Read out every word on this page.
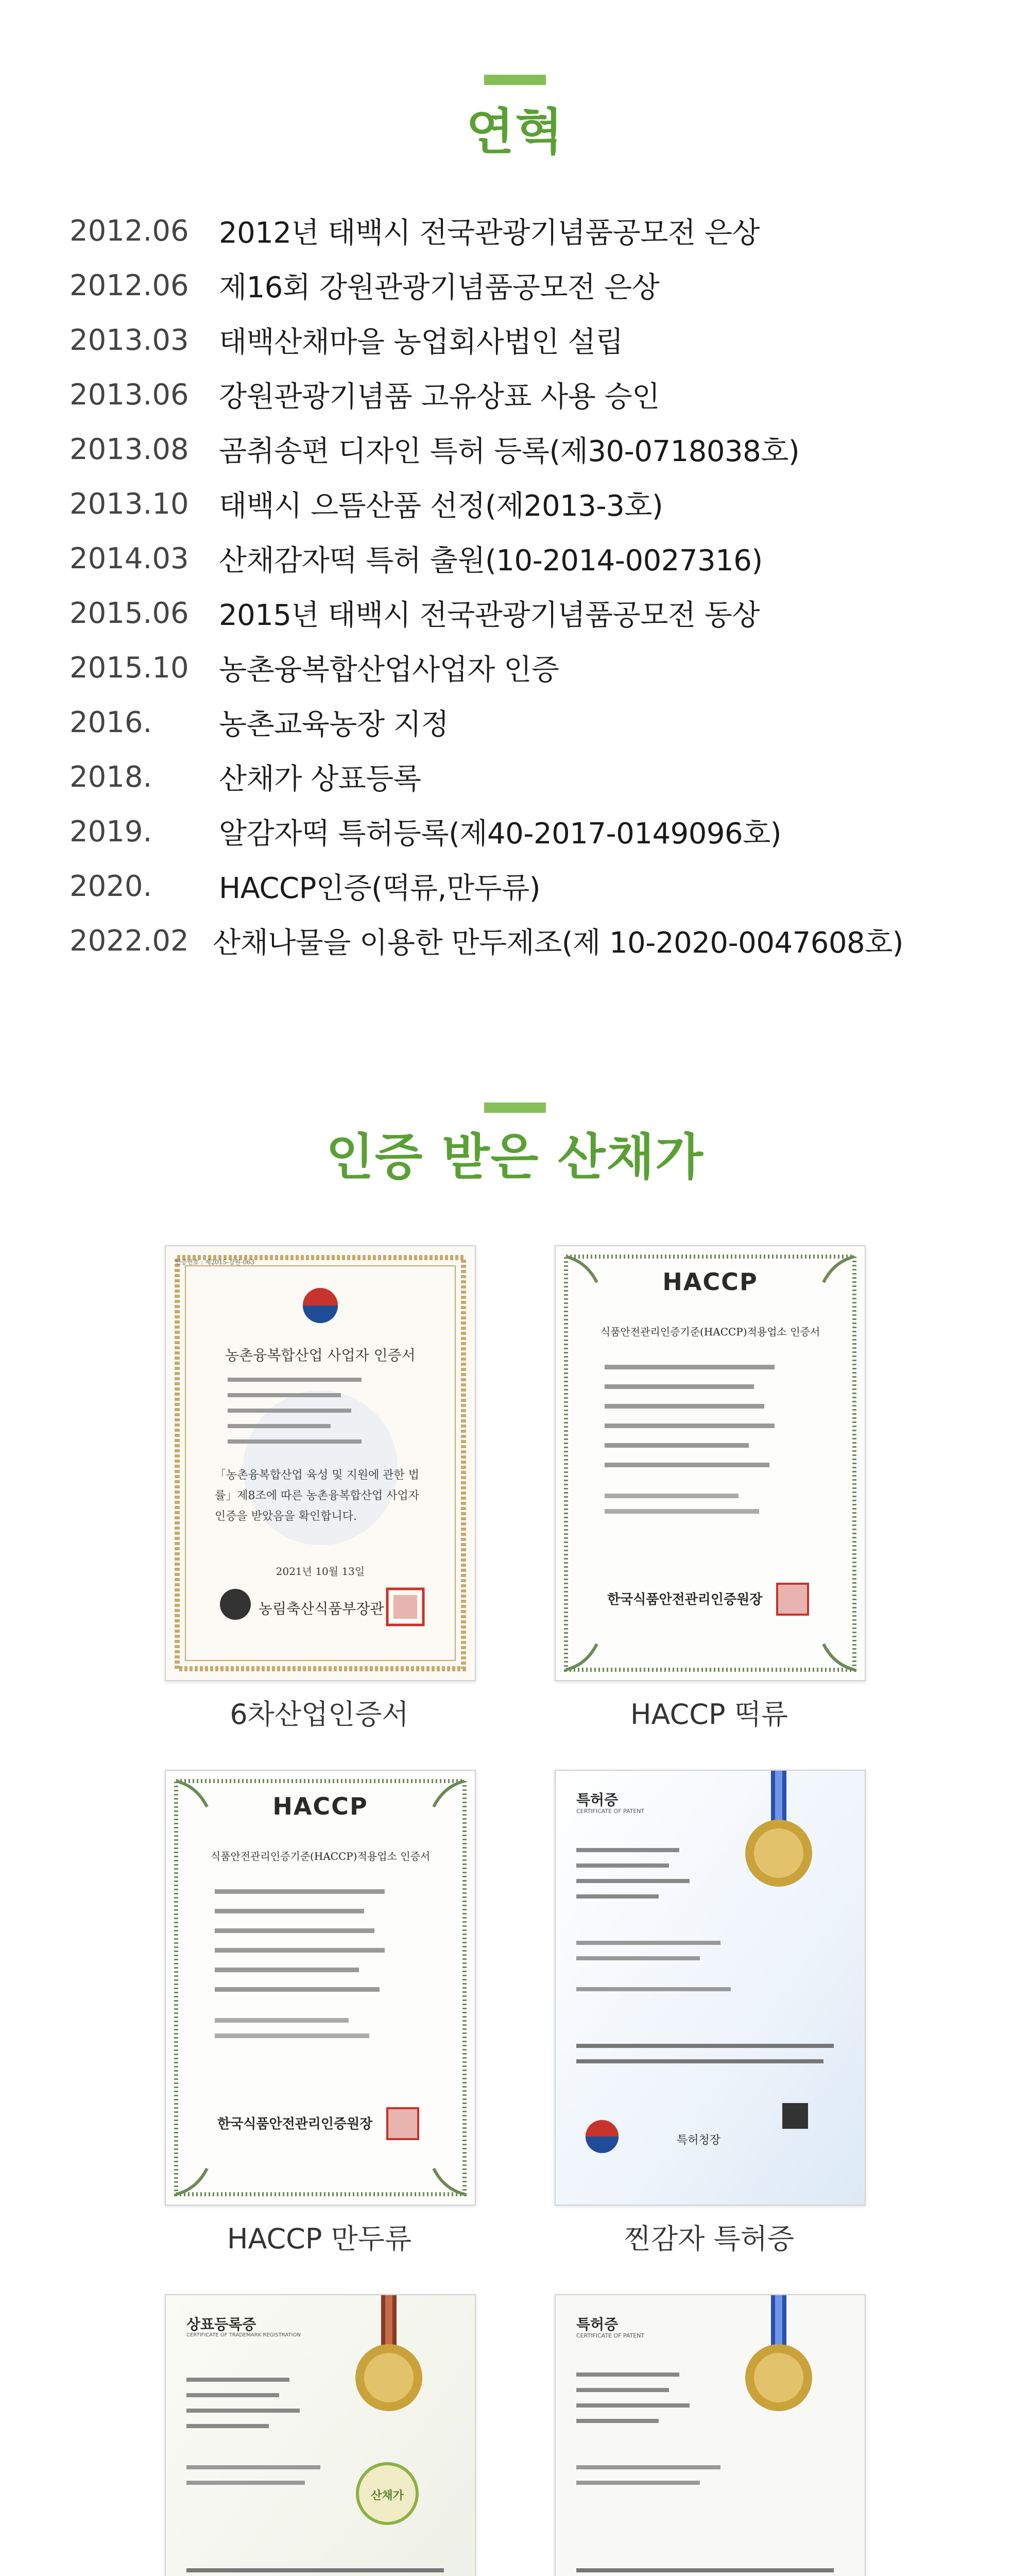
연혁
2012.06	2012년 태백시 전국관광기념품공모전 은상
2012.06	제16회 강원관광기념품공모전 은상
2013.03	태백산채마을 농업회사법인 설립
2013.06	강원관광기념품 고유상표 사용 승인
2013.08	곰취송편 디자인 특허 등록(제30-0718038호)
2013.10	태백시 으뜸산품 선정(제2013-3호)
2014.03	산채감자떡 특허 출원(10-2014-0027316)
2015.06	2015년 태백시 전국관광기념품공모전 동상
2015.10	농촌융복합산업사업자 인증
2016.	농촌교육농장 지정
2018.	산채가 상표등록
2019.	알감자떡 특허등록(제40-2017-0149096호)
2020.	HACCP인증(떡류,만두류)
2022.02 산채나물을 이용한 만두제조(제 10-2020-0047608호)
인증 받은 산채가
농촌융복합산업 사업자 인증서
인증번호 : 제2015-강원-063
「농촌융복합산업 육성 및 지원에 관한 법률」제8조에 따른 농촌융복합산업 사업자 인증을 받았음을 확인합니다.
2021년 10월 13일
농림축산식품부장관
6차산업인증서
HACCP
식품안전관리인증기준(HACCP)적용업소 인증서
한국식품안전관리인증원장
HACCP 떡류
HACCP
식품안전관리인증기준(HACCP)적용업소 인증서
한국식품안전관리인증원장
HACCP 만두류
특허증
CERTIFICATE OF PATENT
특허청장
찐감자 특허증
상표등록증
CERTIFICATE OF TRADEMARK REGISTRATION
산채가
특허증
CERTIFICATE OF PATENT
